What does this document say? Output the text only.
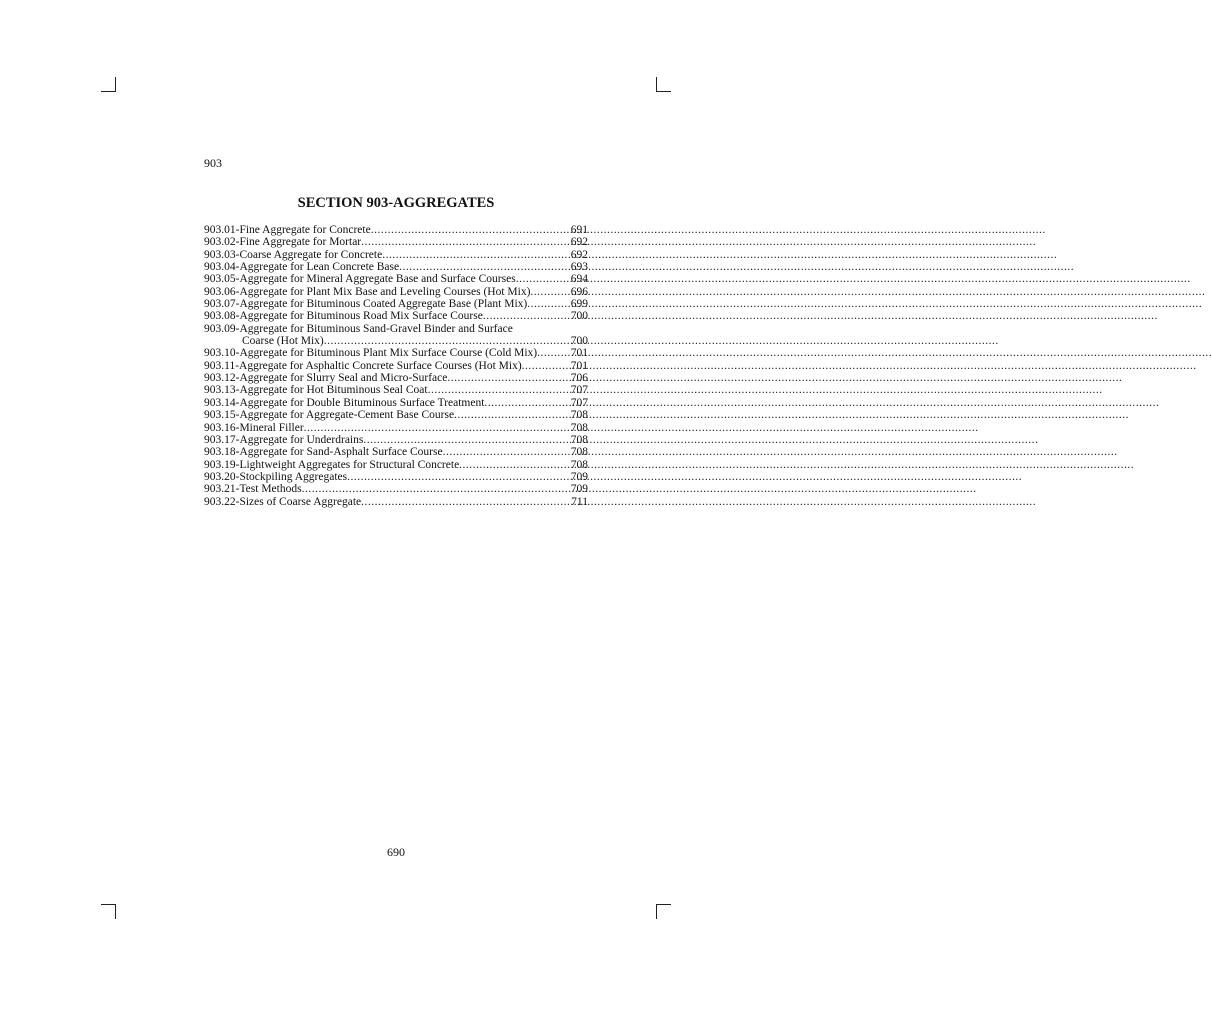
903
SECTION 903-AGGREGATES
903.01-Fine Aggregate for Concrete .....	691
903.02-Fine Aggregate for Mortar .....	692
903.03-Coarse Aggregate for Concrete .....	692
903.04-Aggregate for Lean Concrete Base .....	693
903.05-Aggregate for Mineral Aggregate Base and Surface Courses .....	694
903.06-Aggregate for Plant Mix Base and Leveling Courses (Hot Mix) .....	696
903.07-Aggregate for Bituminous Coated Aggregate Base (Plant Mix) .....	699
903.08-Aggregate for Bituminous Road Mix Surface Course .....	700
903.09-Aggregate for Bituminous Sand-Gravel Binder and Surface
Coarse (Hot Mix) .....	700
903.10-Aggregate for Bituminous Plant Mix Surface Course (Cold Mix) .....	701
903.11-Aggregate for Asphaltic Concrete Surface Courses (Hot Mix) .....	701
903.12-Aggregate for Slurry Seal and Micro-Surface .....	706
903.13-Aggregate for Hot Bituminous Seal Coat .....	707
903.14-Aggregate for Double Bituminous Surface Treatment .....	707
903.15-Aggregate for Aggregate-Cement Base Course .....	708
903.16-Mineral Filler .....	708
903.17-Aggregate for Underdrains .....	708
903.18-Aggregate for Sand-Asphalt Surface Course .....	708
903.19-Lightweight Aggregates for Structural Concrete .....	708
903.20-Stockpiling Aggregates .....	709
903.21-Test Methods .....	709
903.22-Sizes of Coarse Aggregate .....	711
690
